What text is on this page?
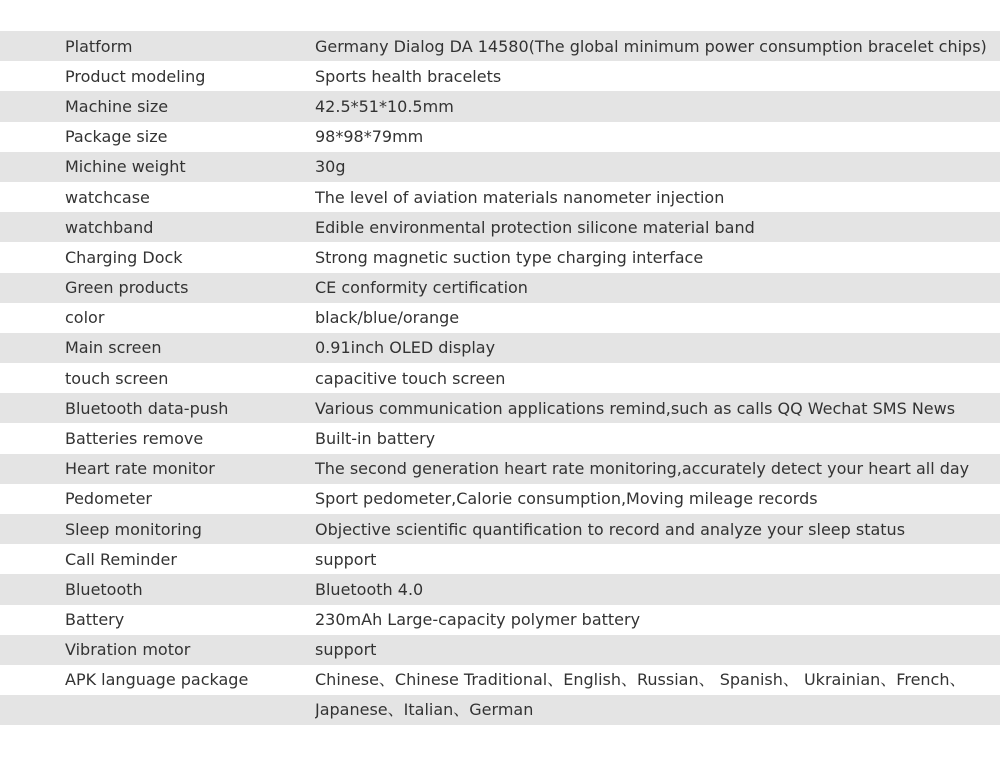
Platform	Germany Dialog DA 14580(The global minimum power consumption bracelet chips)
Product modeling	Sports health bracelets
Machine size	42.5*51*10.5mm
Package size	98*98*79mm
Michine weight	30g
watchcase	The level of aviation materials nanometer injection
watchband	Edible environmental protection silicone material band
Charging Dock	Strong magnetic suction type charging interface
Green products	CE conformity certification
color	black/blue/orange
Main screen	0.91inch OLED display
touch screen	capacitive touch screen
Bluetooth data-push	Various communication applications remind,such as calls QQ Wechat SMS News
Batteries remove	Built-in battery
Heart rate monitor	The second generation heart rate monitoring,accurately detect your heart all day
Pedometer	Sport pedometer,Calorie consumption,Moving mileage records
Sleep monitoring	Objective scientific quantification to record and analyze your sleep status
Call Reminder	support
Bluetooth	Bluetooth 4.0
Battery	230mAh Large-capacity polymer battery
Vibration motor	support
APK language package	Chinese、Chinese Traditional、English、Russian、 Spanish、 Ukrainian、French、
Japanese、Italian、German
